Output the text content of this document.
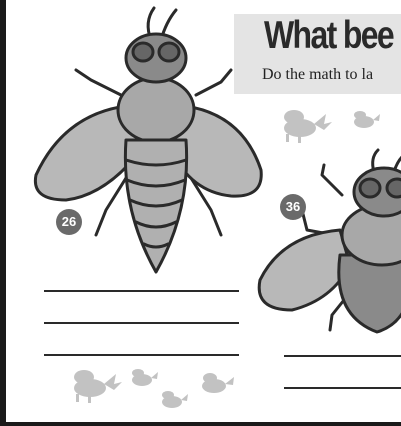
What bee

Do the math to la

26
36
